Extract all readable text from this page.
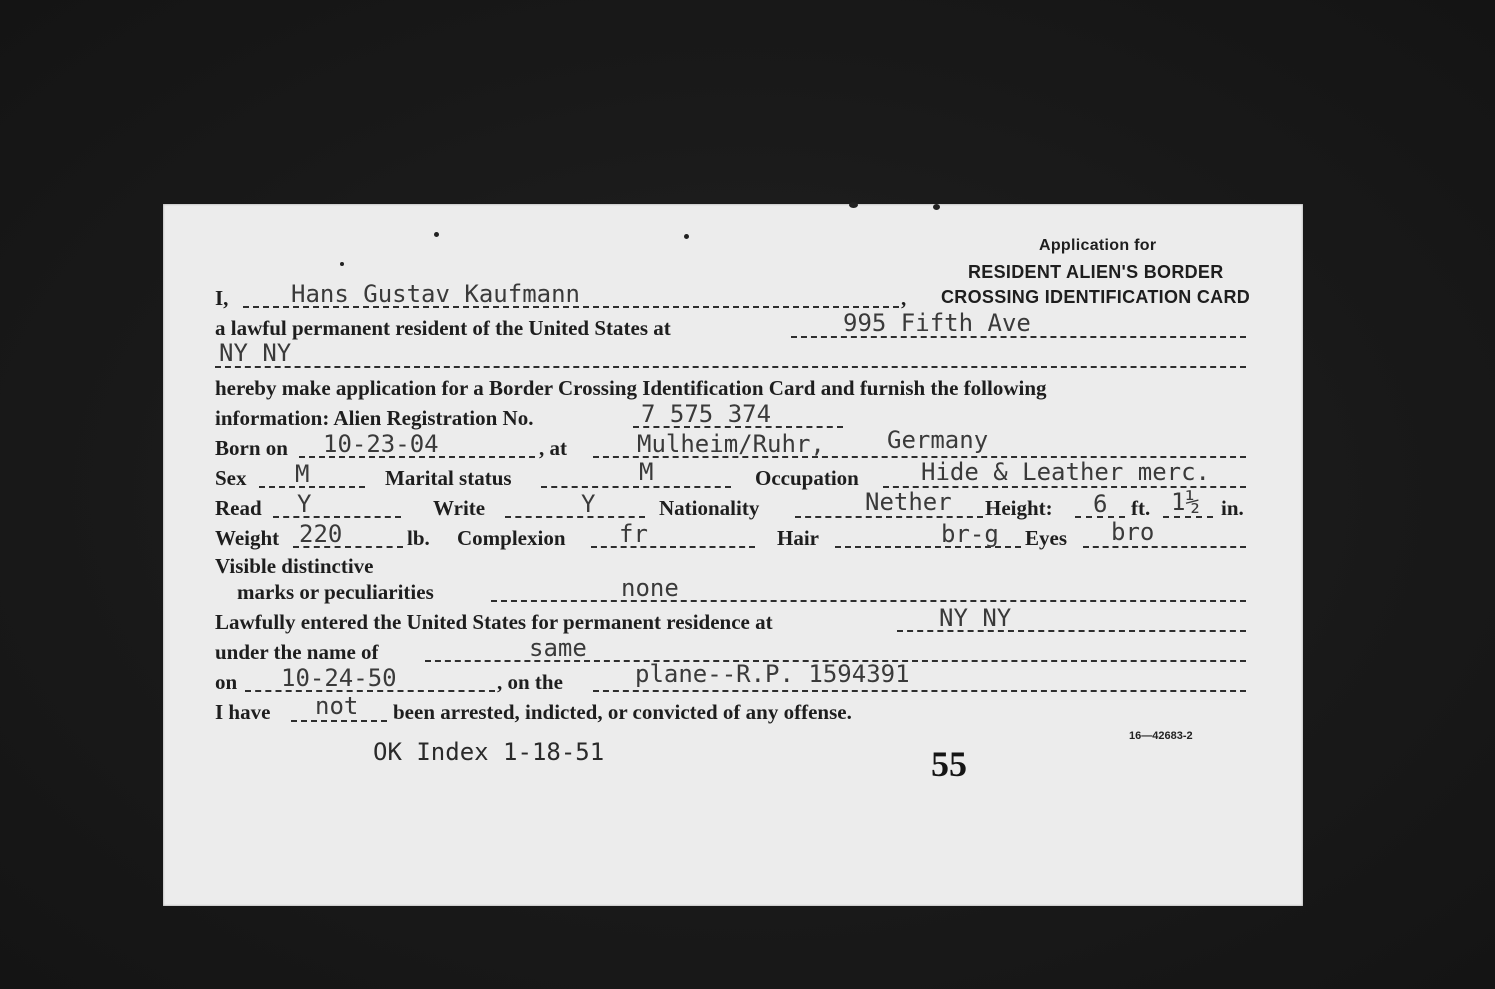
Application for
RESIDENT ALIEN'S BORDER
CROSSING IDENTIFICATION CARD
I,	Hans Gustav Kaufmann	,
a lawful permanent resident of the United States at	995 Fifth Ave
NY NY
hereby make application for a Border Crossing Identification Card and furnish the following
information: Alien Registration No.	7 575 374
Born on 10-23-04	, at	Mulheim/Ruhr,	Germany
Sex M	Marital status	M	Occupation	Hide & Leather merc.
Read Y	Write	Y	Nationality	Nether Height: 6 ft. 1½ in.
Weight 220	lb. Complexion fr	Hair	br-g Eyes bro
Visible distinctive
marks or peculiarities	none
Lawfully entered the United States for permanent residence at	NY NY
under the name of	same
on 10-24-50	, on the	plane--R.P. 1594391
I have not been arrested, indicted, or convicted of any offense.
OK Index 1-18-51	55
16—42683-2
